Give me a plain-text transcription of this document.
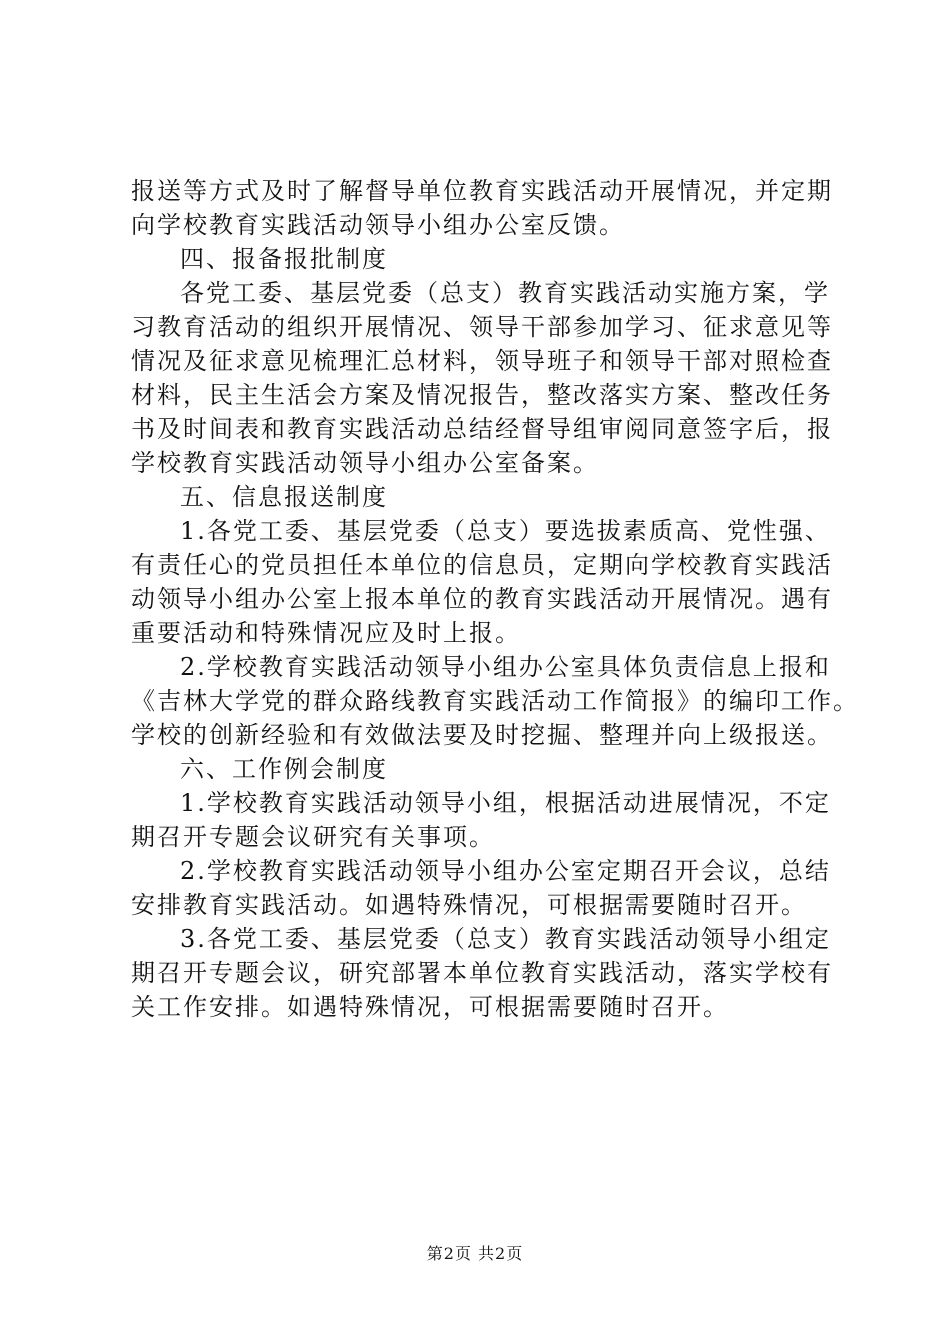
报送等方式及时了解督导单位教育实践活动开展情况，并定期
向学校教育实践活动领导小组办公室反馈。
四、报备报批制度
各党工委、基层党委（总支）教育实践活动实施方案，学
习教育活动的组织开展情况、领导干部参加学习、征求意见等
情况及征求意见梳理汇总材料，领导班子和领导干部对照检查
材料，民主生活会方案及情况报告，整改落实方案、整改任务
书及时间表和教育实践活动总结经督导组审阅同意签字后，报
学校教育实践活动领导小组办公室备案。
五、信息报送制度
1.各党工委、基层党委（总支）要选拔素质高、党性强、
有责任心的党员担任本单位的信息员，定期向学校教育实践活
动领导小组办公室上报本单位的教育实践活动开展情况。遇有
重要活动和特殊情况应及时上报。
2.学校教育实践活动领导小组办公室具体负责信息上报和
《吉林大学党的群众路线教育实践活动工作简报》的编印工作。
学校的创新经验和有效做法要及时挖掘、整理并向上级报送。
六、工作例会制度
1.学校教育实践活动领导小组，根据活动进展情况，不定
期召开专题会议研究有关事项。
2.学校教育实践活动领导小组办公室定期召开会议，总结
安排教育实践活动。如遇特殊情况，可根据需要随时召开。
3.各党工委、基层党委（总支）教育实践活动领导小组定
期召开专题会议，研究部署本单位教育实践活动，落实学校有
关工作安排。如遇特殊情况，可根据需要随时召开。
第2页 共2页
